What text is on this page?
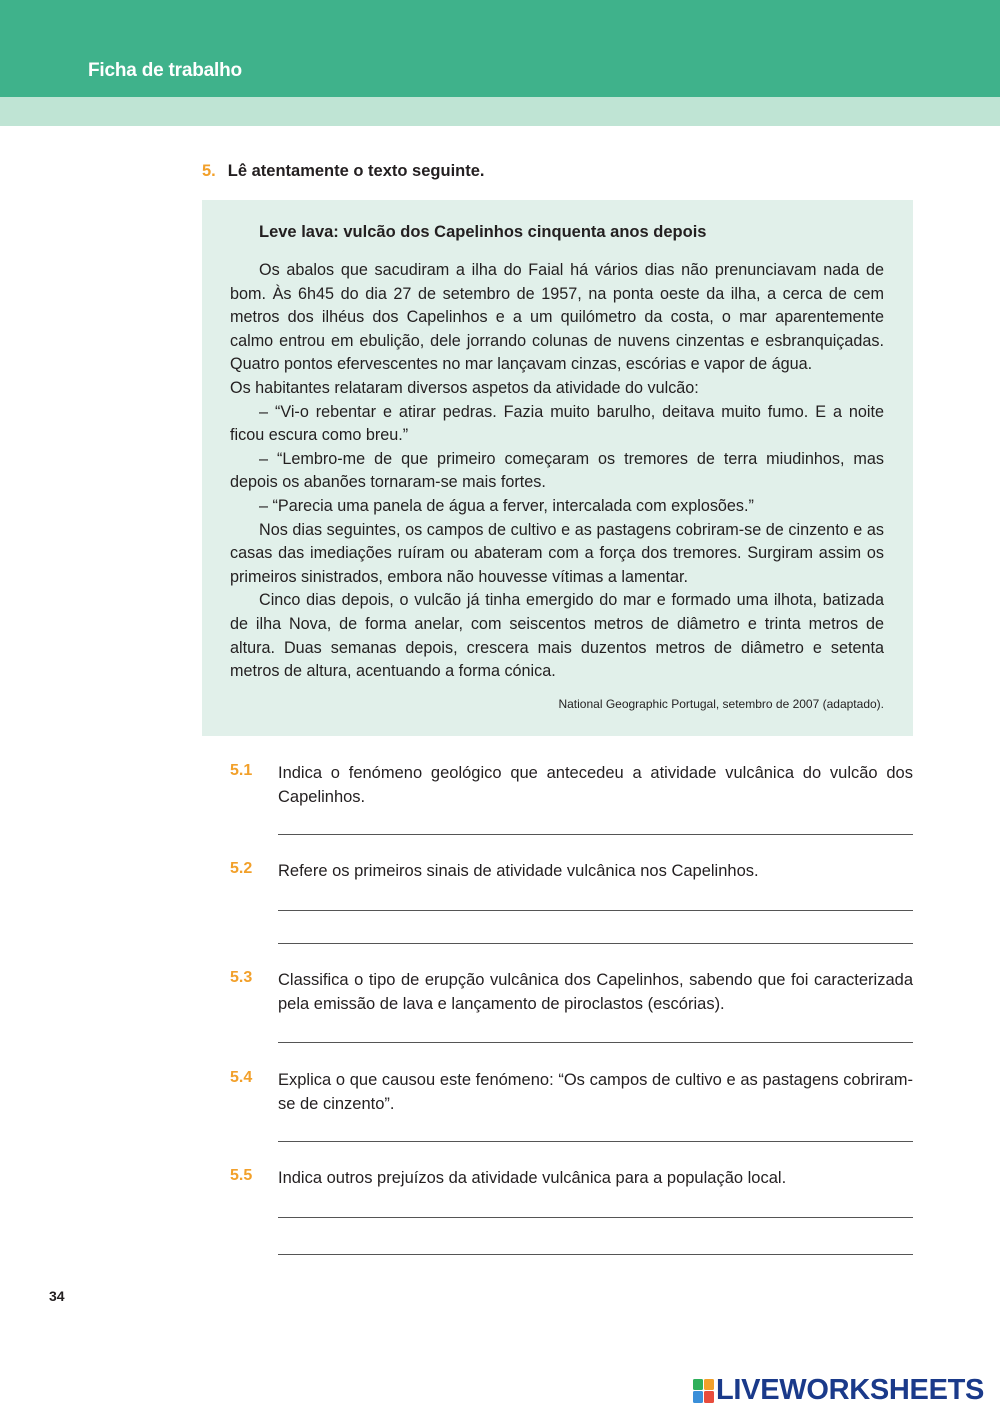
Ficha de trabalho
5. Lê atentamente o texto seguinte.
Leve lava: vulcão dos Capelinhos cinquenta anos depois

Os abalos que sacudiram a ilha do Faial há vários dias não prenunciavam nada de bom. Às 6h45 do dia 27 de setembro de 1957, na ponta oeste da ilha, a cerca de cem metros dos ilhéus dos Capelinhos e a um quilómetro da costa, o mar aparentemente calmo entrou em ebulição, dele jorrando colunas de nuvens cinzentas e esbranquiçadas. Quatro pontos efervescentes no mar lançavam cinzas, escórias e vapor de água.

Os habitantes relataram diversos aspetos da atividade do vulcão:

– “Vi-o rebentar e atirar pedras. Fazia muito barulho, deitava muito fumo. E a noite ficou escura como breu.”

– “Lembro-me de que primeiro começaram os tremores de terra miudinhos, mas depois os abanões tornaram-se mais fortes.

– “Parecia uma panela de água a ferver, intercalada com explosões.”

Nos dias seguintes, os campos de cultivo e as pastagens cobriram-se de cinzento e as casas das imediações ruíram ou abateram com a força dos tremores. Surgiram assim os primeiros sinistrados, embora não houvesse vítimas a lamentar.

Cinco dias depois, o vulcão já tinha emergido do mar e formado uma ilhota, batizada de ilha Nova, de forma anelar, com seiscentos metros de diâmetro e trinta metros de altura. Duas semanas depois, crescera mais duzentos metros de diâmetro e setenta metros de altura, acentuando a forma cónica.

National Geographic Portugal, setembro de 2007 (adaptado).
5.1 Indica o fenómeno geológico que antecedeu a atividade vulcânica do vulcão dos Capelinhos.
5.2 Refere os primeiros sinais de atividade vulcânica nos Capelinhos.
5.3 Classifica o tipo de erupção vulcânica dos Capelinhos, sabendo que foi caracterizada pela emissão de lava e lançamento de piroclastos (escórias).
5.4 Explica o que causou este fenómeno: “Os campos de cultivo e as pastagens cobriram-se de cinzento”.
5.5 Indica outros prejuízos da atividade vulcânica para a população local.
34
LIVEWORKSHEETS
